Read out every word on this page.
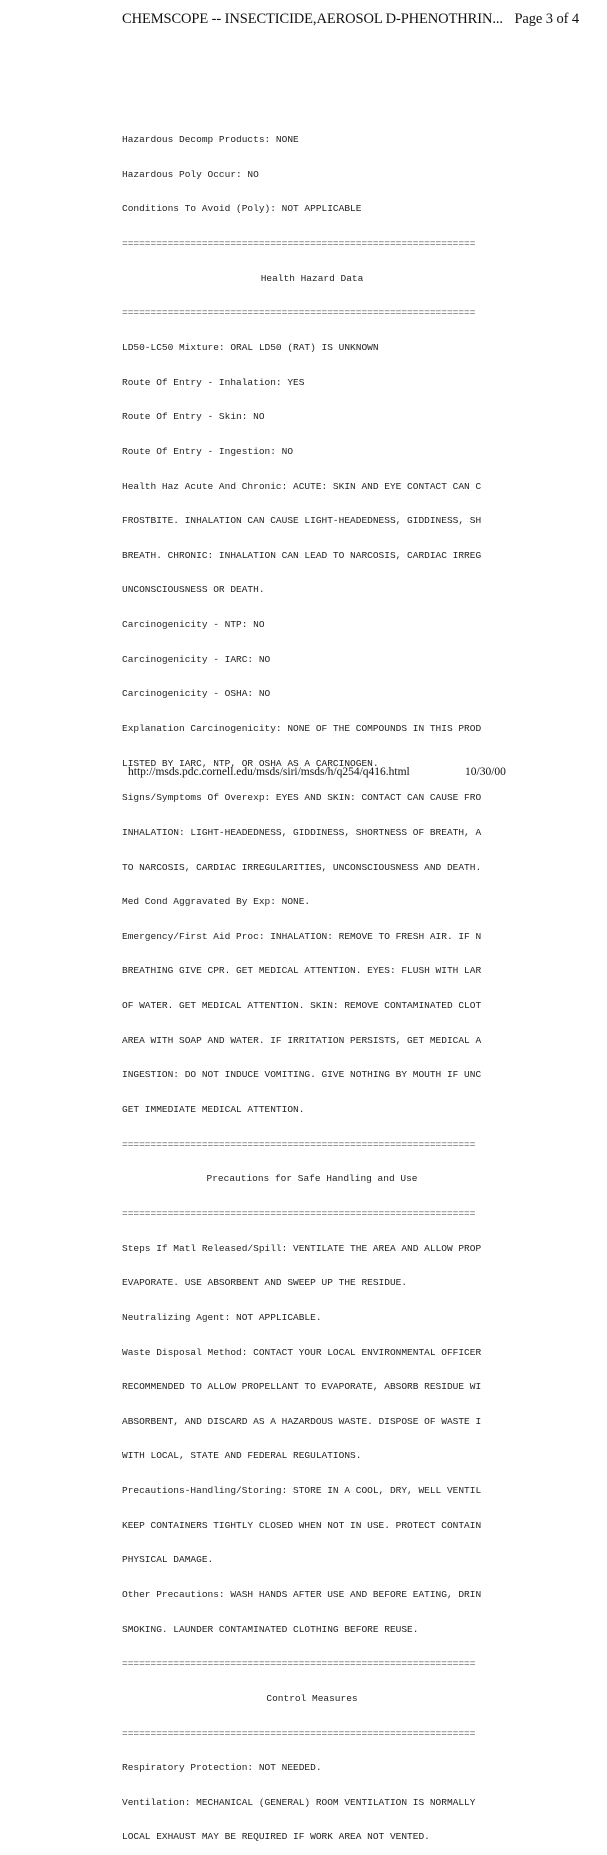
CHEMSCOPE -- INSECTICIDE,AEROSOL D-PHENOTHRIN... Page 3 of 4

Hazardous Decomp Products: NONE

Hazardous Poly Occur: NO

Conditions To Avoid (Poly): NOT APPLICABLE

==============================================================

Health Hazard Data

==============================================================

LD50-LC50 Mixture: ORAL LD50 (RAT) IS UNKNOWN

Route Of Entry - Inhalation: YES

Route Of Entry - Skin: NO

Route Of Entry - Ingestion: NO

Health Haz Acute And Chronic: ACUTE: SKIN AND EYE CONTACT CAN C

FROSTBITE. INHALATION CAN CAUSE LIGHT-HEADEDNESS, GIDDINESS, SH

BREATH. CHRONIC: INHALATION CAN LEAD TO NARCOSIS, CARDIAC IRREG

UNCONSCIOUSNESS OR DEATH.

Carcinogenicity - NTP: NO

Carcinogenicity - IARC: NO

Carcinogenicity - OSHA: NO

Explanation Carcinogenicity: NONE OF THE COMPOUNDS IN THIS PROD

LISTED BY IARC, NTP, OR OSHA AS A CARCINOGEN.

Signs/Symptoms Of Overexp: EYES AND SKIN: CONTACT CAN CAUSE FRO

INHALATION: LIGHT-HEADEDNESS, GIDDINESS, SHORTNESS OF BREATH, A

TO NARCOSIS, CARDIAC IRREGULARITIES, UNCONSCIOUSNESS AND DEATH.

Med Cond Aggravated By Exp: NONE.

Emergency/First Aid Proc: INHALATION: REMOVE TO FRESH AIR. IF N

BREATHING GIVE CPR. GET MEDICAL ATTENTION. EYES: FLUSH WITH LAR

OF WATER. GET MEDICAL ATTENTION. SKIN: REMOVE CONTAMINATED CLOT

AREA WITH SOAP AND WATER. IF IRRITATION PERSISTS, GET MEDICAL A

INGESTION: DO NOT INDUCE VOMITING. GIVE NOTHING BY MOUTH IF UNC

GET IMMEDIATE MEDICAL ATTENTION.

==============================================================

Precautions for Safe Handling and Use

==============================================================

Steps If Matl Released/Spill: VENTILATE THE AREA AND ALLOW PROP

EVAPORATE. USE ABSORBENT AND SWEEP UP THE RESIDUE.

Neutralizing Agent: NOT APPLICABLE.

Waste Disposal Method: CONTACT YOUR LOCAL ENVIRONMENTAL OFFICER

RECOMMENDED TO ALLOW PROPELLANT TO EVAPORATE, ABSORB RESIDUE WI

ABSORBENT, AND DISCARD AS A HAZARDOUS WASTE. DISPOSE OF WASTE I

WITH LOCAL, STATE AND FEDERAL REGULATIONS.

Precautions-Handling/Storing: STORE IN A COOL, DRY, WELL VENTIL

KEEP CONTAINERS TIGHTLY CLOSED WHEN NOT IN USE. PROTECT CONTAIN

PHYSICAL DAMAGE.

Other Precautions: WASH HANDS AFTER USE AND BEFORE EATING, DRIN

SMOKING. LAUNDER CONTAMINATED CLOTHING BEFORE REUSE.

==============================================================

Control Measures

==============================================================

Respiratory Protection: NOT NEEDED.

Ventilation: MECHANICAL (GENERAL) ROOM VENTILATION IS NORMALLY

LOCAL EXHAUST MAY BE REQUIRED IF WORK AREA NOT VENTED.

http://msds.pdc.cornell.edu/msds/siri/msds/h/q254/q416.html	10/30/00
